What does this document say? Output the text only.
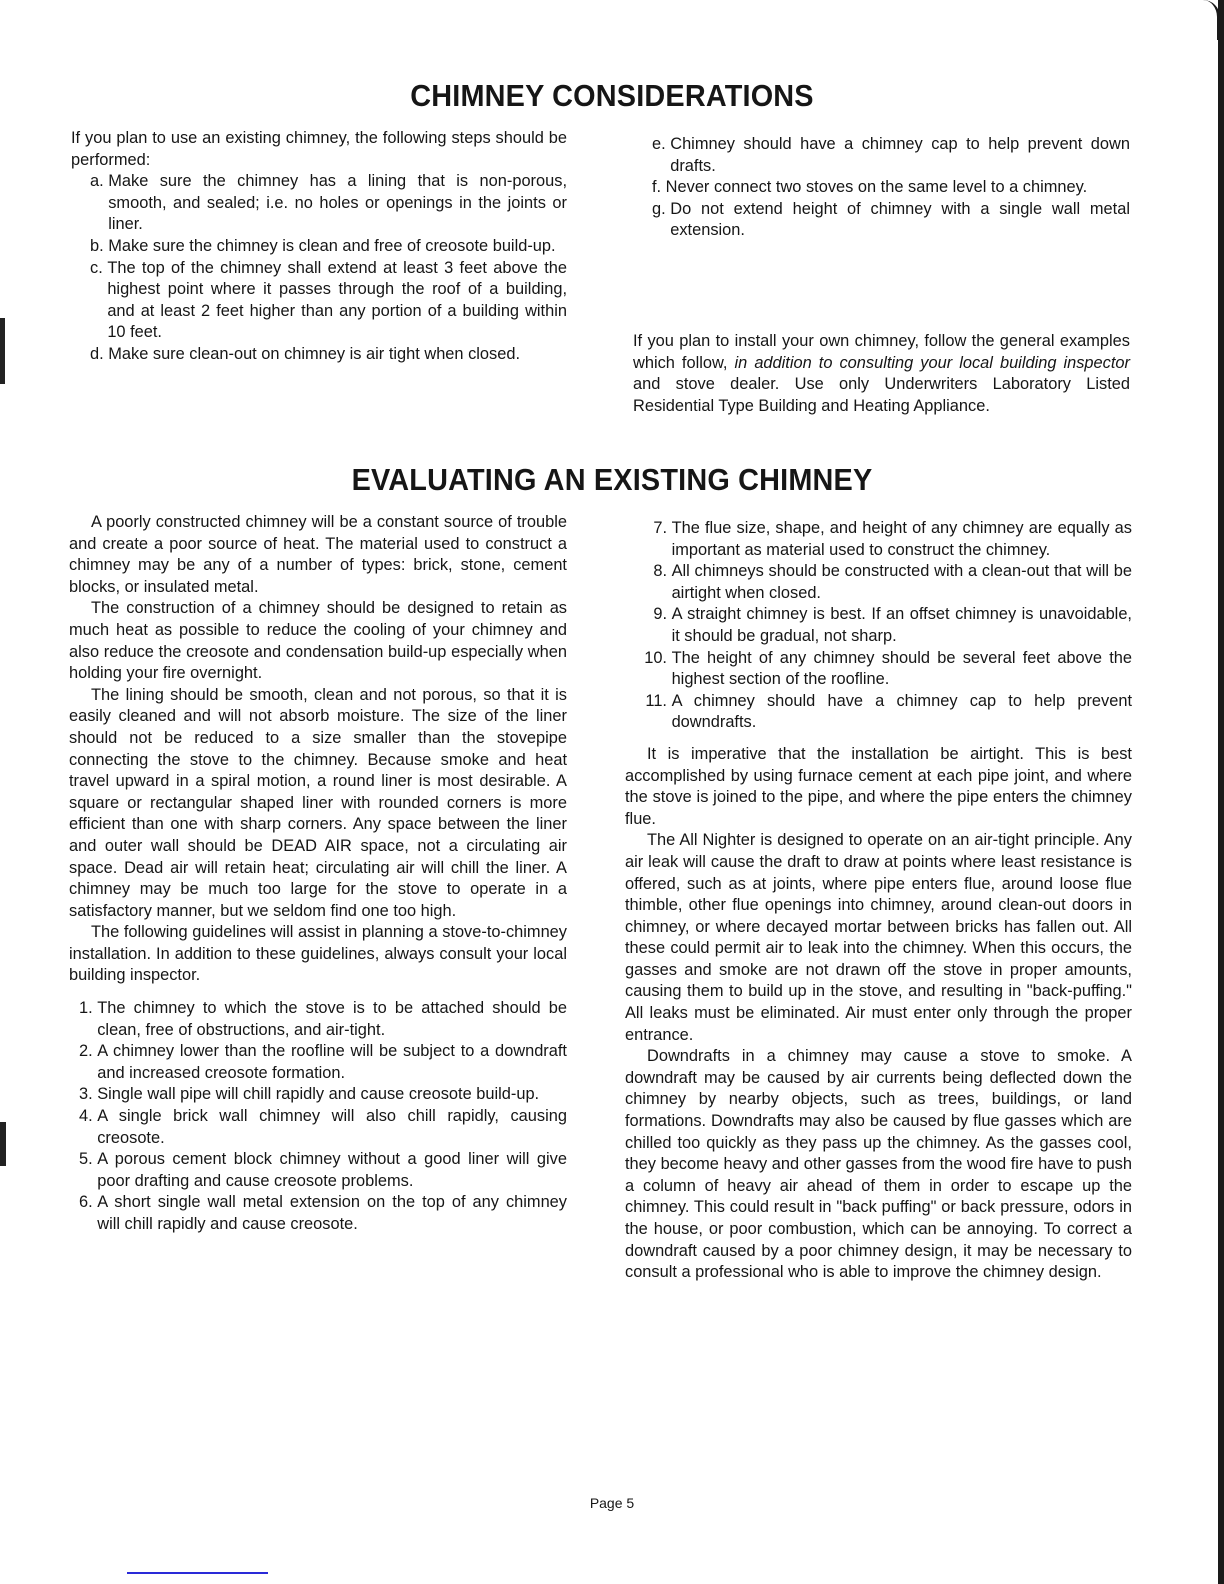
CHIMNEY CONSIDERATIONS

If you plan to use an existing chimney, the following steps should be performed:

a.
Make sure the chimney has a lining that is non-porous, smooth, and sealed; i.e. no holes or openings in the joints or liner.
b.
Make sure the chimney is clean and free of creosote build-up.
c.
The top of the chimney shall extend at least 3 feet above the highest point where it passes through the roof of a building, and at least 2 feet higher than any portion of a building within 10 feet.
d.
Make sure clean-out on chimney is air tight when closed.
e.
Chimney should have a chimney cap to help prevent down drafts.
f.
Never connect two stoves on the same level to a chimney.
g.
Do not extend height of chimney with a single wall metal extension.

If you plan to install your own chimney, follow the general examples which follow, in addition to consulting your local building inspector and stove dealer. Use only Underwriters Laboratory Listed Residential Type Building and Heating Appliance.

EVALUATING AN EXISTING CHIMNEY

A poorly constructed chimney will be a constant source of trouble and create a poor source of heat. The material used to construct a chimney may be any of a number of types: brick, stone, cement blocks, or insulated metal.

The construction of a chimney should be designed to retain as much heat as possible to reduce the cooling of your chimney and also reduce the creosote and condensation build-up especially when holding your fire overnight.

The lining should be smooth, clean and not porous, so that it is easily cleaned and will not absorb moisture. The size of the liner should not be reduced to a size smaller than the stovepipe connecting the stove to the chimney. Because smoke and heat travel upward in a spiral motion, a round liner is most desirable. A square or rectangular shaped liner with rounded corners is more efficient than one with sharp corners. Any space between the liner and outer wall should be DEAD AIR space, not a circulating air space. Dead air will retain heat; circulating air will chill the liner. A chimney may be much too large for the stove to operate in a satisfactory manner, but we seldom find one too high.

The following guidelines will assist in planning a stove-to-chimney installation. In addition to these guidelines, always consult your local building inspector.

1.
The chimney to which the stove is to be attached should be clean, free of obstructions, and air-tight.
2.
A chimney lower than the roofline will be subject to a downdraft and increased creosote formation.
3.
Single wall pipe will chill rapidly and cause creosote build-up.
4.
A single brick wall chimney will also chill rapidly, causing creosote.
5.
A porous cement block chimney without a good liner will give poor drafting and cause creosote problems.
6.
A short single wall metal extension on the top of any chimney will chill rapidly and cause creosote.
7.
The flue size, shape, and height of any chimney are equally as important as material used to construct the chimney.
8.
All chimneys should be constructed with a clean-out that will be airtight when closed.
9.
A straight chimney is best. If an offset chimney is unavoidable, it should be gradual, not sharp.
10.
The height of any chimney should be several feet above the highest section of the roofline.
11.
A chimney should have a chimney cap to help prevent downdrafts.

It is imperative that the installation be airtight. This is best accomplished by using furnace cement at each pipe joint, and where the stove is joined to the pipe, and where the pipe enters the chimney flue.

The All Nighter is designed to operate on an air-tight principle. Any air leak will cause the draft to draw at points where least resistance is offered, such as at joints, where pipe enters flue, around loose flue thimble, other flue openings into chimney, around clean-out doors in chimney, or where decayed mortar between bricks has fallen out. All these could permit air to leak into the chimney. When this occurs, the gasses and smoke are not drawn off the stove in proper amounts, causing them to build up in the stove, and resulting in "back-puffing." All leaks must be eliminated. Air must enter only through the proper entrance.

Downdrafts in a chimney may cause a stove to smoke. A downdraft may be caused by air currents being deflected down the chimney by nearby objects, such as trees, buildings, or land formations. Downdrafts may also be caused by flue gasses which are chilled too quickly as they pass up the chimney. As the gasses cool, they become heavy and other gasses from the wood fire have to push a column of heavy air ahead of them in order to escape up the chimney. This could result in "back puffing" or back pressure, odors in the house, or poor combustion, which can be annoying. To correct a downdraft caused by a poor chimney design, it may be necessary to consult a professional who is able to improve the chimney design.

Page 5
